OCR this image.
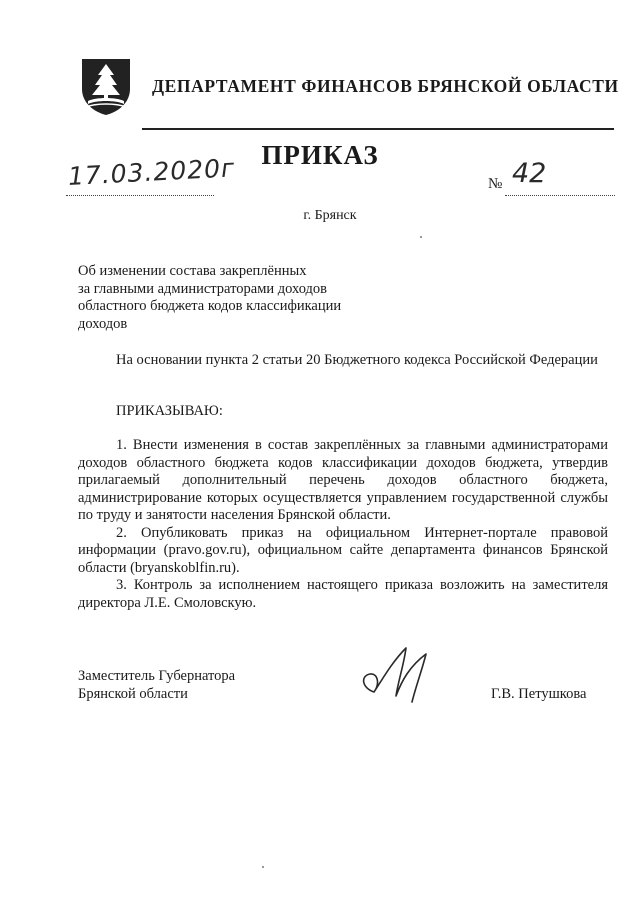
ДЕПАРТАМЕНТ ФИНАНСОВ БРЯНСКОЙ ОБЛАСТИ
ПРИКАЗ
17.03.2020г	№ 42
г. Брянск
Об изменении состава закреплённых
за главными администраторами доходов
областного бюджета кодов классификации
доходов

На основании пункта 2 статьи 20 Бюджетного кодекса Российской Федерации

ПРИКАЗЫВАЮ:

1. Внести изменения в состав закреплённых за главными администраторами доходов областного бюджета кодов классификации доходов бюджета, утвердив прилагаемый дополнительный перечень доходов областного бюджета, администрирование которых осуществляется управлением государственной службы по труду и занятости населения Брянской области.

2. Опубликовать приказ на официальном Интернет-портале правовой информации (pravo.gov.ru), официальном сайте департамента финансов Брянской области (bryanskoblfin.ru).

3. Контроль за исполнением настоящего приказа возложить на заместителя директора Л.Е. Смоловскую.

Заместитель Губернатора
Брянской области	Г.В. Петушкова
